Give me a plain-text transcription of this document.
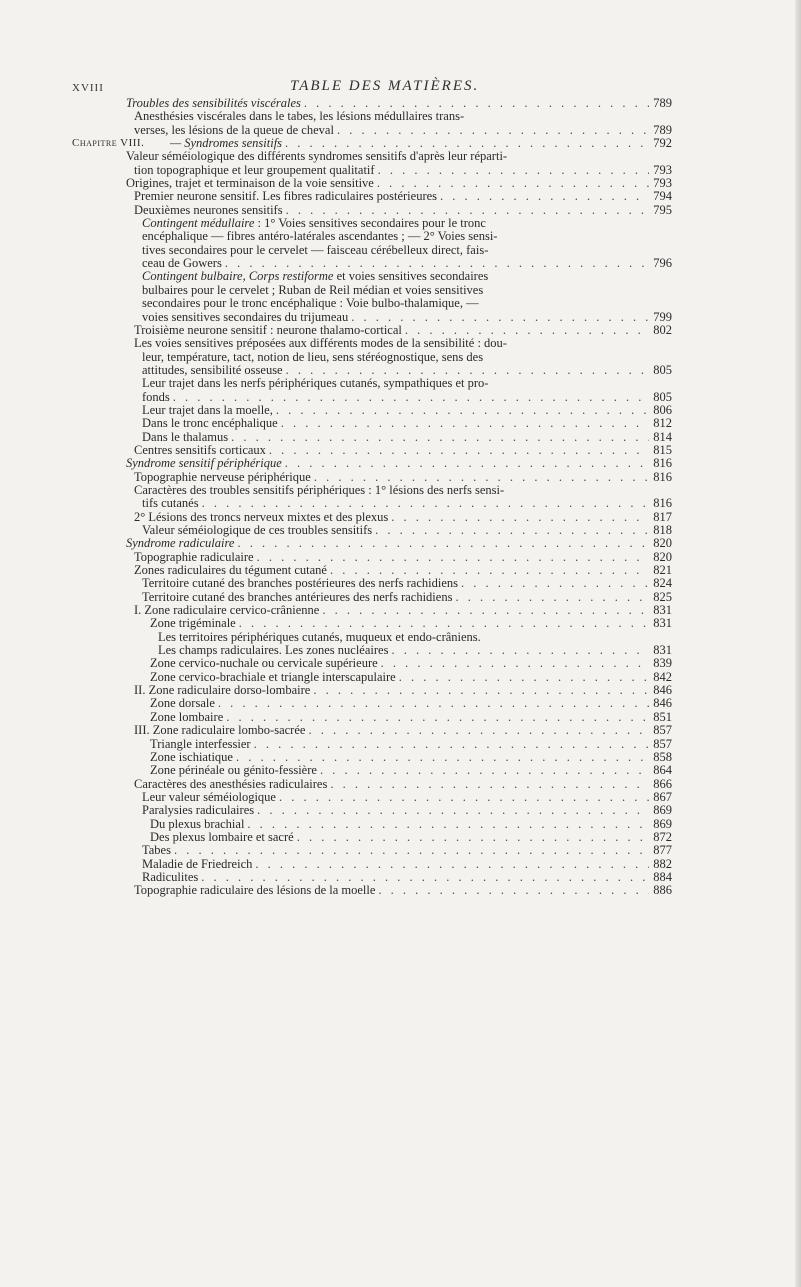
XVIII	TABLE DES MATIÈRES.
Troubles des sensibilités viscérales . . .	789
Anesthésies viscérales dans le tabes, les lésions médullaires trans-
verses, les lésions de la queue de cheval . . .	789
Chapitre VIII. — Syndromes sensitifs . . .	792
Valeur séméiologique des différents syndromes sensitifs d'après leur réparti-
tion topographique et leur groupement qualitatif . . .	793
Origines, trajet et terminaison de la voie sensitive . . .	793
Premier neurone sensitif. Les fibres radiculaires postérieures . . .	794
Deuxièmes neurones sensitifs . . .	795
Contingent médullaire : 1° Voies sensitives secondaires pour le tronc
encéphalique — fibres antéro-latérales ascendantes ; — 2° Voies sensi-
tives secondaires pour le cervelet — faisceau cérébelleux direct, fais-
ceau de Gowers . . .	796
Contingent bulbaire, Corps restiforme et voies sensitives secondaires
bulbaires pour le cervelet ; Ruban de Reil médian et voies sensitives
secondaires pour le tronc encéphalique : Voie bulbo-thalamique, —
voies sensitives secondaires du trijumeau . . .	799
Troisième neurone sensitif : neurone thalamo-cortical . . .	802
Les voies sensitives préposées aux différents modes de la sensibilité : dou-
leur, température, tact, notion de lieu, sens stéréognostique, sens des
attitudes, sensibilité osseuse . . .	805
Leur trajet dans les nerfs périphériques cutanés, sympathiques et pro-
fonds . . .	805
Leur trajet dans la moelle, . . .	806
Dans le tronc encéphalique . . .	812
Dans le thalamus . . .	814
Centres sensitifs corticaux . . .	815
Syndrome sensitif périphérique . . .	816
Topographie nerveuse périphérique . . .	816
Caractères des troubles sensitifs périphériques : 1° lésions des nerfs sensi-
tifs cutanés . . .	816
2° Lésions des troncs nerveux mixtes et des plexus . . .	817
Valeur séméiologique de ces troubles sensitifs . . .	818
Syndrome radiculaire . . .	820
Topographie radiculaire . . .	820
Zones radiculaires du tégument cutané . . .	821
Territoire cutané des branches postérieures des nerfs rachidiens . . .	824
Territoire cutané des branches antérieures des nerfs rachidiens . . .	825
I. Zone radiculaire cervico-crânienne . . .	831
Zone trigéminale . . .	831
Les territoires périphériques cutanés, muqueux et endo-crâniens.
Les champs radiculaires. Les zones nucléaires . . .	831
Zone cervico-nuchale ou cervicale supérieure . . .	839
Zone cervico-brachiale et triangle interscapulaire . . .	842
II. Zone radiculaire dorso-lombaire . . .	846
Zone dorsale . . .	846
Zone lombaire . . .	851
III. Zone radiculaire lombo-sacrée . . .	857
Triangle interfessier . . .	857
Zone ischiatique . . .	858
Zone périnéale ou génito-fessière . . .	864
Caractères des anesthésies radiculaires . . .	866
Leur valeur séméiologique . . .	867
Paralysies radiculaires . . .	869
Du plexus brachial . . .	869
Des plexus lombaire et sacré . . .	872
Tabes . . .	877
Maladie de Friedreich . . .	882
Radiculites . . .	884
Topographie radiculaire des lésions de la moelle . . .	886
